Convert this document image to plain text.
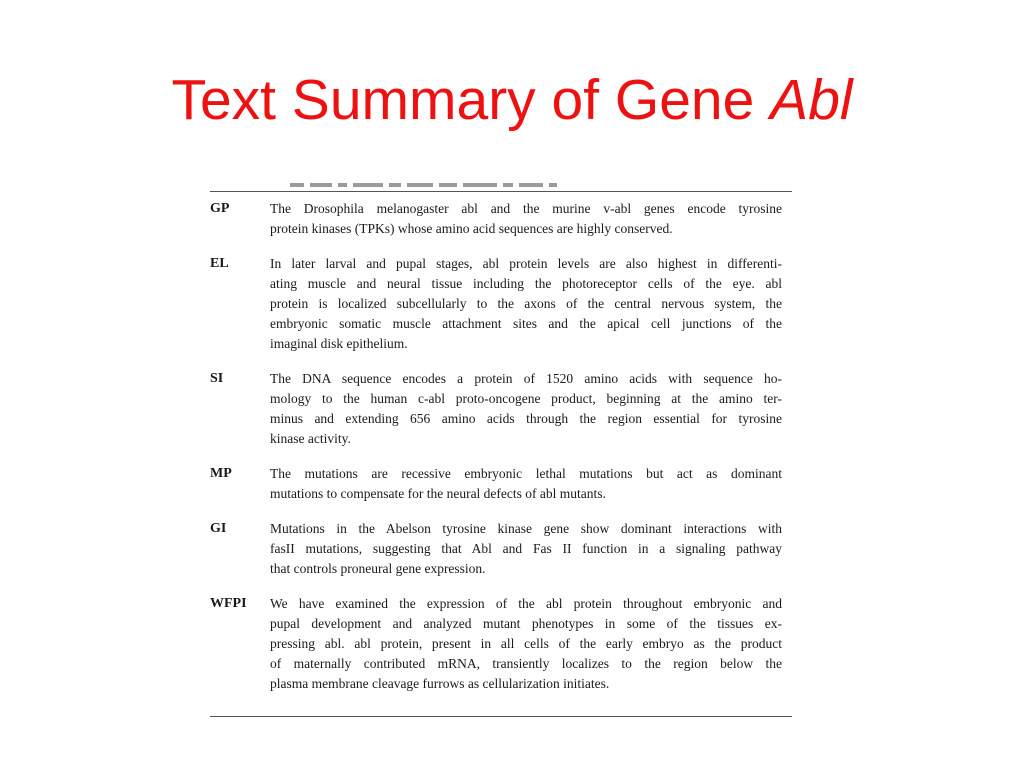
Text Summary of Gene Abl
GP	The Drosophila melanogaster abl and the murine v-abl genes encode tyrosine
protein kinases (TPKs) whose amino acid sequences are highly conserved.
EL	In later larval and pupal stages, abl protein levels are also highest in differenti-
ating muscle and neural tissue including the photoreceptor cells of the eye. abl
protein is localized subcellularly to the axons of the central nervous system, the
embryonic somatic muscle attachment sites and the apical cell junctions of the
imaginal disk epithelium.
SI	The DNA sequence encodes a protein of 1520 amino acids with sequence ho-
mology to the human c-abl proto-oncogene product, beginning at the amino ter-
minus and extending 656 amino acids through the region essential for tyrosine
kinase activity.
MP	The mutations are recessive embryonic lethal mutations but act as dominant
mutations to compensate for the neural defects of abl mutants.
GI	Mutations in the Abelson tyrosine kinase gene show dominant interactions with
fasII mutations, suggesting that Abl and Fas II function in a signaling pathway
that controls proneural gene expression.
WFPI	We have examined the expression of the abl protein throughout embryonic and
pupal development and analyzed mutant phenotypes in some of the tissues ex-
pressing abl. abl protein, present in all cells of the early embryo as the product
of maternally contributed mRNA, transiently localizes to the region below the
plasma membrane cleavage furrows as cellularization initiates.
